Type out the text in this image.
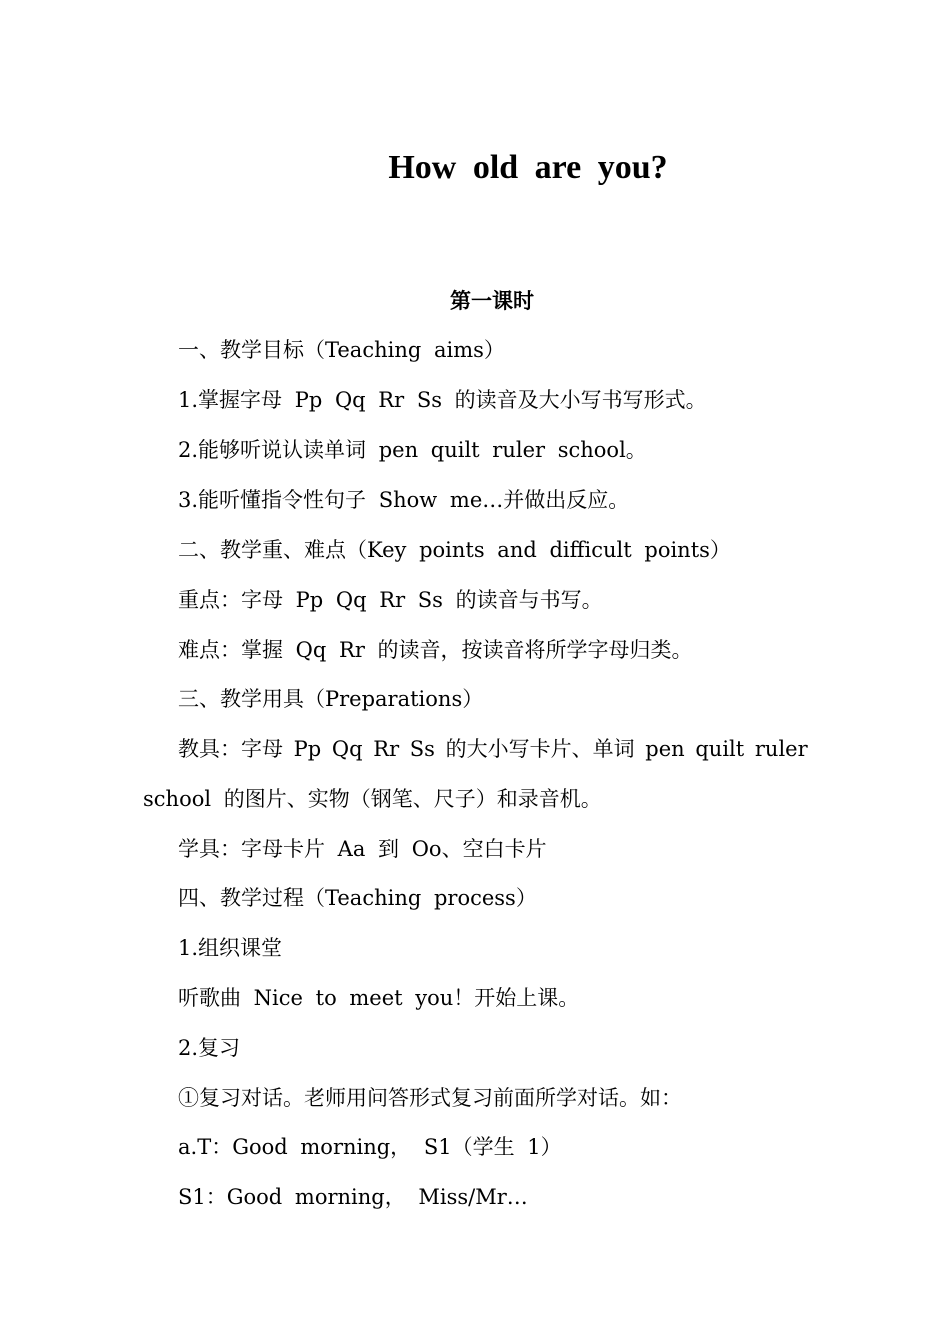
How old are you?
第一课时
一、教学目标（Teaching aims）
1.掌握字母 Pp Qq Rr Ss 的读音及大小写书写形式。
2.能够听说认读单词 pen quilt ruler school。
3.能听懂指令性句子 Show me…并做出反应。
二、教学重、难点（Key points and difficult points）
重点：字母 Pp Qq Rr Ss 的读音与书写。
难点：掌握 Qq Rr 的读音，按读音将所学字母归类。
三、教学用具（Preparations）
教具：字母 Pp Qq Rr Ss 的大小写卡片、单词 pen quilt ruler
school 的图片、实物（钢笔、尺子）和录音机。
学具：字母卡片 Aa 到 Oo、空白卡片
四、教学过程（Teaching process）
1.组织课堂
听歌曲 Nice to meet you！开始上课。
2.复习
①复习对话。老师用问答形式复习前面所学对话。如：
a.T：Good morning， S1（学生 1）
S1：Good morning， Miss/Mr…
